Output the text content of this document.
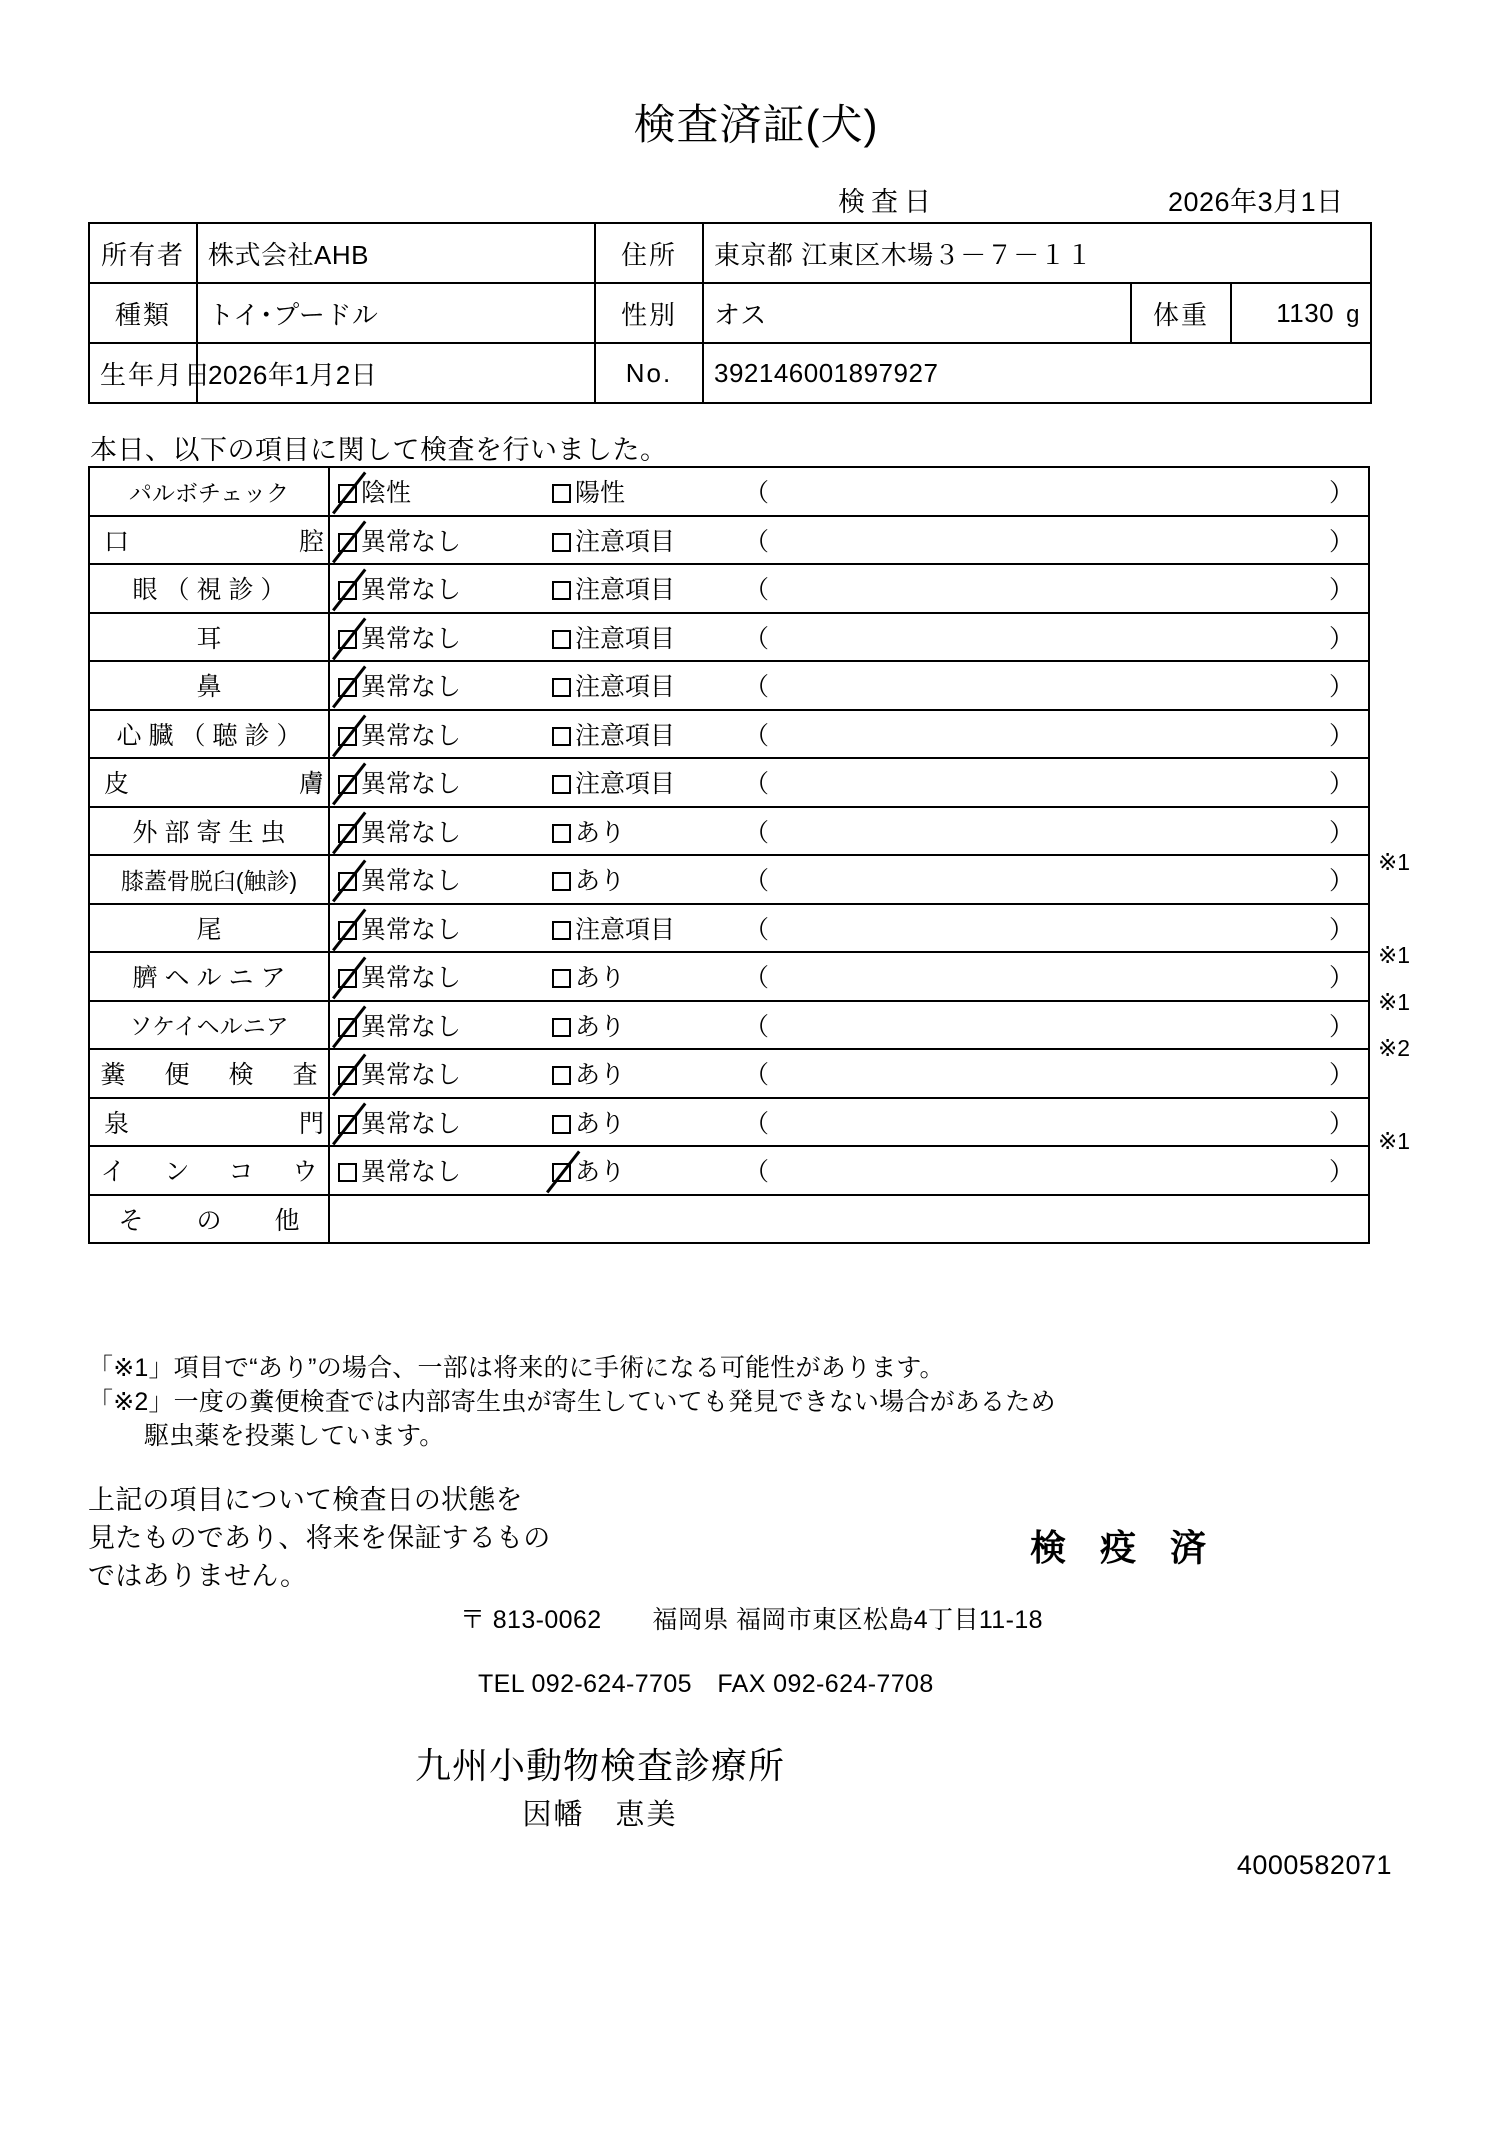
検査済証(犬)
検査日	2026年3月1日
所有者	株式会社AHB	住所	東京都 江東区木場３－７－１１		
種類	トイ･プードル	性別	オス	体重	1130 g
生年月日	2026年1月2日	No.	392146001897927		
本日、以下の項目に関して検査を行いました。
パルボチェック	陰性 陽性 （ ）

口　　　　腔	異常なし 注意項目 （ ）

眼（視診）	異常なし 注意項目 （ ）

耳	異常なし 注意項目 （ ）

鼻	異常なし 注意項目 （ ）

心臓（聴診）	異常なし 注意項目 （ ）

皮　　　　膚	異常なし 注意項目 （ ）

外部寄生虫	異常なし あり （ ）

膝蓋骨脱臼(触診)	異常なし あり （ ）

尾	異常なし 注意項目 （ ）

臍ヘルニア	異常なし あり （ ）

ソケイヘルニア	異常なし あり （ ）

糞　便　検　査	異常なし あり （ ）

泉　　　　門	異常なし あり （ ）

イ　ン　コ　ウ	異常なし あり （ ）

そ　の　他	
「※1」項目で“あり”の場合、一部は将来的に手術になる可能性があります。
「※2」一度の糞便検査では内部寄生虫が寄生していても発見できない場合があるため
駆虫薬を投薬しています。
上記の項目について検査日の状態を
見たものであり、将来を保証するもの
ではありません。
検 疫 済
〒 813-0062　　福岡県 福岡市東区松島4丁目11-18
TEL 092-624-7705　FAX 092-624-7708
九州小動物検査診療所
因幡　恵美
4000582071
※1
※1
※1
※2
※1
